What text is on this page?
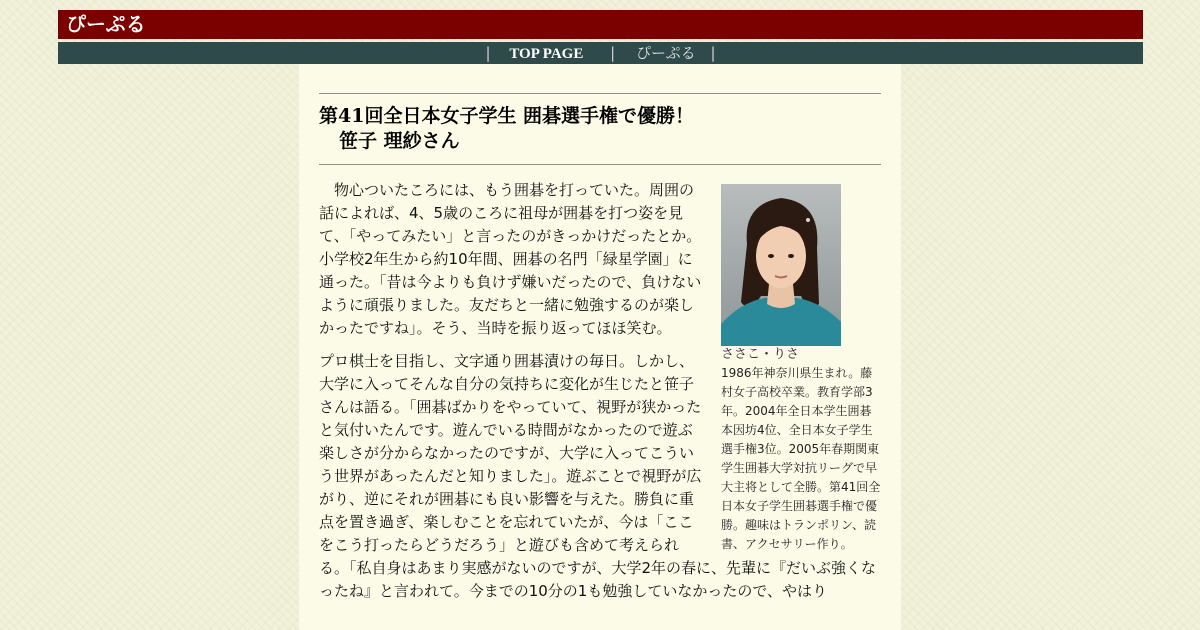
ぴーぷる
| TOP PAGE | ぴーぷる |
第41回全日本女子学生 囲碁選手権で優勝！
笹子 理紗さん
ささこ・りさ
1986年神奈川県生まれ。藤村女子高校卒業。教育学部3年。2004年全日本学生囲碁本因坊4位、全日本女子学生選手権3位。2005年春期関東学生囲碁大学対抗リーグで早大主将として全勝。第41回全日本女子学生囲碁選手権で優勝。趣味はトランポリン、読書、アクセサリー作り。

　物心ついたころには、もう囲碁を打っていた。周囲の話によれば、4、5歳のころに祖母が囲碁を打つ姿を見て、「やってみたい」と言ったのがきっかけだったとか。小学校2年生から約10年間、囲碁の名門「緑星学園」に通った。「昔は今よりも負けず嫌いだったので、負けないように頑張りました。友だちと一緒に勉強するのが楽しかったですね」。そう、当時を振り返ってほほ笑む。

プロ棋士を目指し、文字通り囲碁漬けの毎日。しかし、大学に入ってそんな自分の気持ちに変化が生じたと笹子さんは語る。「囲碁ばかりをやっていて、視野が狭かったと気付いたんです。遊んでいる時間がなかったので遊ぶ楽しさが分からなかったのですが、大学に入ってこういう世界があったんだと知りました」。遊ぶことで視野が広がり、逆にそれが囲碁にも良い影響を与えた。勝負に重点を置き過ぎ、楽しむことを忘れていたが、今は「ここをこう打ったらどうだろう」と遊びも含めて考えられる。「私自身はあまり実感がないのですが、大学2年の春に、先輩に『だいぶ強くなったね』と言われて。今までの10分の1も勉強していなかったので、やはり
